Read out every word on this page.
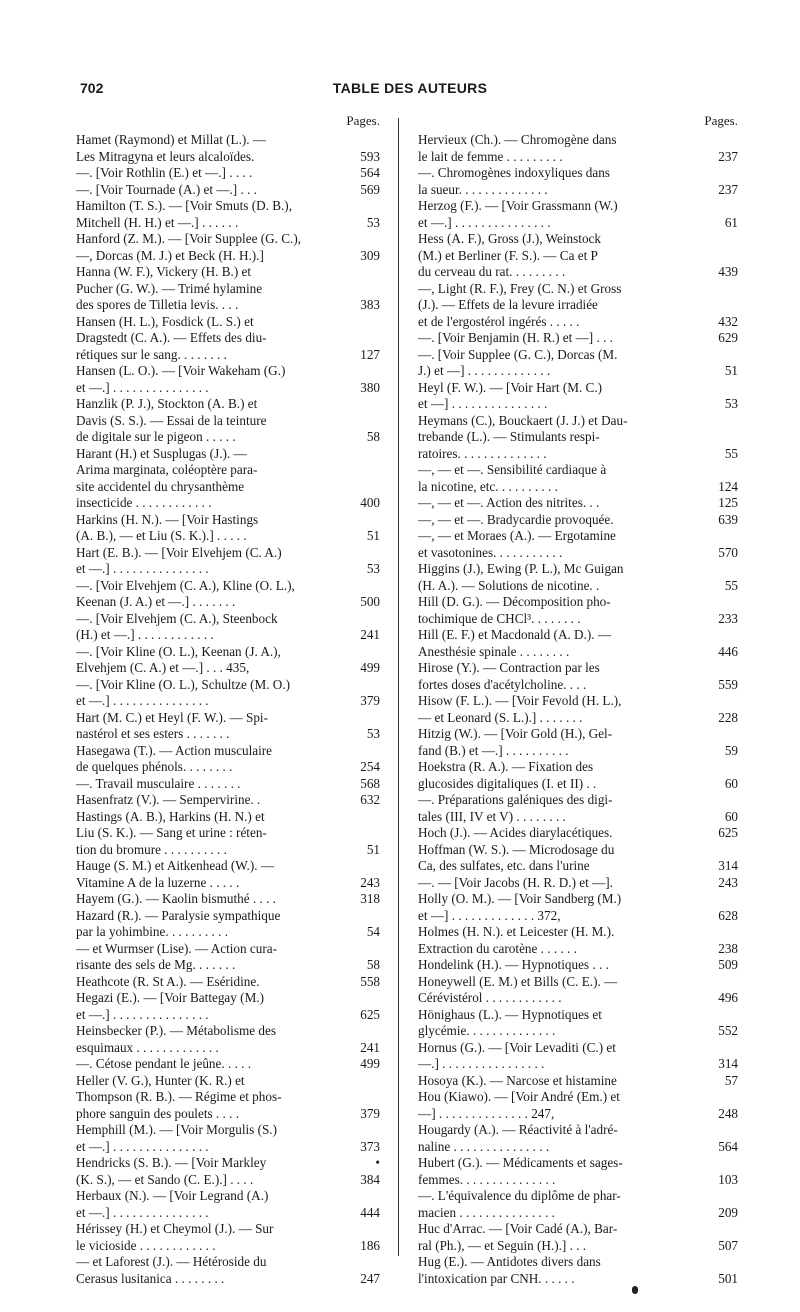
702	TABLE DES AUTEURS
Pages.
Hamet (Raymond) et Millat (L.). —
Les Mitragyna et leurs alcaloïdes.	593
—. [Voir Rothlin (E.) et —.] . . . .	564
—. [Voir Tournade (A.) et —.] . . .	569
Hamilton (T. S.). — [Voir Smuts (D. B.),
Mitchell (H. H.) et —.] . . . . . .	53
Hanford (Z. M.). — [Voir Supplee (G. C.),
—, Dorcas (M. J.) et Beck (H. H.).]	309
Hanna (W. F.), Vickery (H. B.) et
Pucher (G. W.). — Trimé hylamine
des spores de Tilletia levis. . . .	383
Hansen (H. L.), Fosdick (L. S.) et
Dragstedt (C. A.). — Effets des diu-
rétiques sur le sang. . . . . . . .	127
Hansen (L. O.). — [Voir Wakeham (G.)
et —.] . . . . . . . . . . . . . . .	380
Hanzlik (P. J.), Stockton (A. B.) et
Davis (S. S.). — Essai de la teinture
de digitale sur le pigeon . . . . .	58
Harant (H.) et Susplugas (J.). —
Arima marginata, coléoptère para-
site accidentel du chrysanthème
insecticide . . . . . . . . . . . .	400
Harkins (H. N.). — [Voir Hastings
(A. B.), — et Liu (S. K.).] . . . . .	51
Hart (E. B.). — [Voir Elvehjem (C. A.)
et —.] . . . . . . . . . . . . . . .	53
—. [Voir Elvehjem (C. A.), Kline (O. L.),
Keenan (J. A.) et —.] . . . . . . .	500
—. [Voir Elvehjem (C. A.), Steenbock
(H.) et —.] . . . . . . . . . . . .	241
—. [Voir Kline (O. L.), Keenan (J. A.),
Elvehjem (C. A.) et —.] . . . 435,	499
—. [Voir Kline (O. L.), Schultze (M. O.)
et —.] . . . . . . . . . . . . . . .	379
Hart (M. C.) et Heyl (F. W.). — Spi-
nastérol et ses esters . . . . . . .	53
Hasegawa (T.). — Action musculaire
de quelques phénols. . . . . . . .	254
—. Travail musculaire . . . . . . .	568
Hasenfratz (V.). — Sempervirine. .	632
Hastings (A. B.), Harkins (H. N.) et
Liu (S. K.). — Sang et urine : réten-
tion du bromure . . . . . . . . . .	51
Hauge (S. M.) et Aitkenhead (W.). —
Vitamine A de la luzerne . . . . .	243
Hayem (G.). — Kaolin bismuthé . . . .	318
Hazard (R.). — Paralysie sympathique
par la yohimbine. . . . . . . . . .	54
— et Wurmser (Lise). — Action cura-
risante des sels de Mg. . . . . . .	58
Heathcote (R. St A.). — Eséridine.	558
Hegazi (E.). — [Voir Battegay (M.)
et —.] . . . . . . . . . . . . . . .	625
Heinsbecker (P.). — Métabolisme des
esquimaux . . . . . . . . . . . . .	241
—. Cétose pendant le jeûne. . . . .	499
Heller (V. G.), Hunter (K. R.) et
Thompson (R. B.). — Régime et phos-
phore sanguin des poulets . . . .	379
Hemphill (M.). — [Voir Morgulis (S.)
et —.] . . . . . . . . . . . . . . .	373
Hendricks (S. B.). — [Voir Markley	•
(K. S.), — et Sando (C. E.).] . . . .	384
Herbaux (N.). — [Voir Legrand (A.)
et —.] . . . . . . . . . . . . . . .	444
Hérissey (H.) et Cheymol (J.). — Sur
le vicioside . . . . . . . . . . . .	186
— et Laforest (J.). — Hétéroside du
Cerasus lusitanica . . . . . . . .	247
Pages.
Hervieux (Ch.). — Chromogène dans
le lait de femme . . . . . . . . .	237
—. Chromogènes indoxyliques dans
la sueur. . . . . . . . . . . . . .	237
Herzog (F.). — [Voir Grassmann (W.)
et —.] . . . . . . . . . . . . . . .	61
Hess (A. F.), Gross (J.), Weinstock
(M.) et Berliner (F. S.). — Ca et P
du cerveau du rat. . . . . . . . .	439
—, Light (R. F.), Frey (C. N.) et Gross
(J.). — Effets de la levure irradiée
et de l'ergostérol ingérés . . . . .	432
—. [Voir Benjamin (H. R.) et —] . . .	629
—. [Voir Supplee (G. C.), Dorcas (M.
J.) et —] . . . . . . . . . . . . .	51
Heyl (F. W.). — [Voir Hart (M. C.)
et —] . . . . . . . . . . . . . . .	53
Heymans (C.), Bouckaert (J. J.) et Dau-
trebande (L.). — Stimulants respi-
ratoires. . . . . . . . . . . . . .	55
—, — et —. Sensibilité cardiaque à
la nicotine, etc. . . . . . . . . .	124
—, — et —. Action des nitrites. . .	125
—, — et —. Bradycardie provoquée.	639
—, — et Moraes (A.). — Ergotamine
et vasotonines. . . . . . . . . . .	570
Higgins (J.), Ewing (P. L.), Mc Guigan
(H. A.). — Solutions de nicotine. .	55
Hill (D. G.). — Décomposition pho-
tochimique de CHCl³. . . . . . . .	233
Hill (E. F.) et Macdonald (A. D.). —
Anesthésie spinale . . . . . . . .	446
Hirose (Y.). — Contraction par les
fortes doses d'acétylcholine. . . .	559
Hisow (F. L.). — [Voir Fevold (H. L.),
— et Leonard (S. L.).] . . . . . . .	228
Hitzig (W.). — [Voir Gold (H.), Gel-
fand (B.) et —.] . . . . . . . . . .	59
Hoekstra (R. A.). — Fixation des
glucosides digitaliques (I. et II) . .	60
—. Préparations galéniques des digi-
tales (III, IV et V) . . . . . . . .	60
Hoch (J.). — Acides diarylacétiques.	625
Hoffman (W. S.). — Microdosage du
Ca, des sulfates, etc. dans l'urine	314
—. — [Voir Jacobs (H. R. D.) et —].	243
Holly (O. M.). — [Voir Sandberg (M.)
et —] . . . . . . . . . . . . . 372,	628
Holmes (H. N.). et Leicester (H. M.).
Extraction du carotène . . . . . .	238
Hondelink (H.). — Hypnotiques . . .	509
Honeywell (E. M.) et Bills (C. E.). —
Cérévistérol . . . . . . . . . . . .	496
Hönighaus (L.). — Hypnotiques et
glycémie. . . . . . . . . . . . . .	552
Hornus (G.). — [Voir Levaditi (C.) et
—.] . . . . . . . . . . . . . . . .	314
Hosoya (K.). — Narcose et histamine	57
Hou (Kiawo). — [Voir André (Em.) et
—] . . . . . . . . . . . . . . 247,	248
Hougardy (A.). — Réactivité à l'adré-
naline . . . . . . . . . . . . . . .	564
Hubert (G.). — Médicaments et sages-
femmes. . . . . . . . . . . . . . .	103
—. L'équivalence du diplôme de phar-
macien . . . . . . . . . . . . . . .	209
Huc d'Arrac. — [Voir Cadé (A.), Bar-
ral (Ph.), — et Seguin (H.).] . . .	507
Hug (E.). — Antidotes divers dans
l'intoxication par CNH. . . . . .	501
